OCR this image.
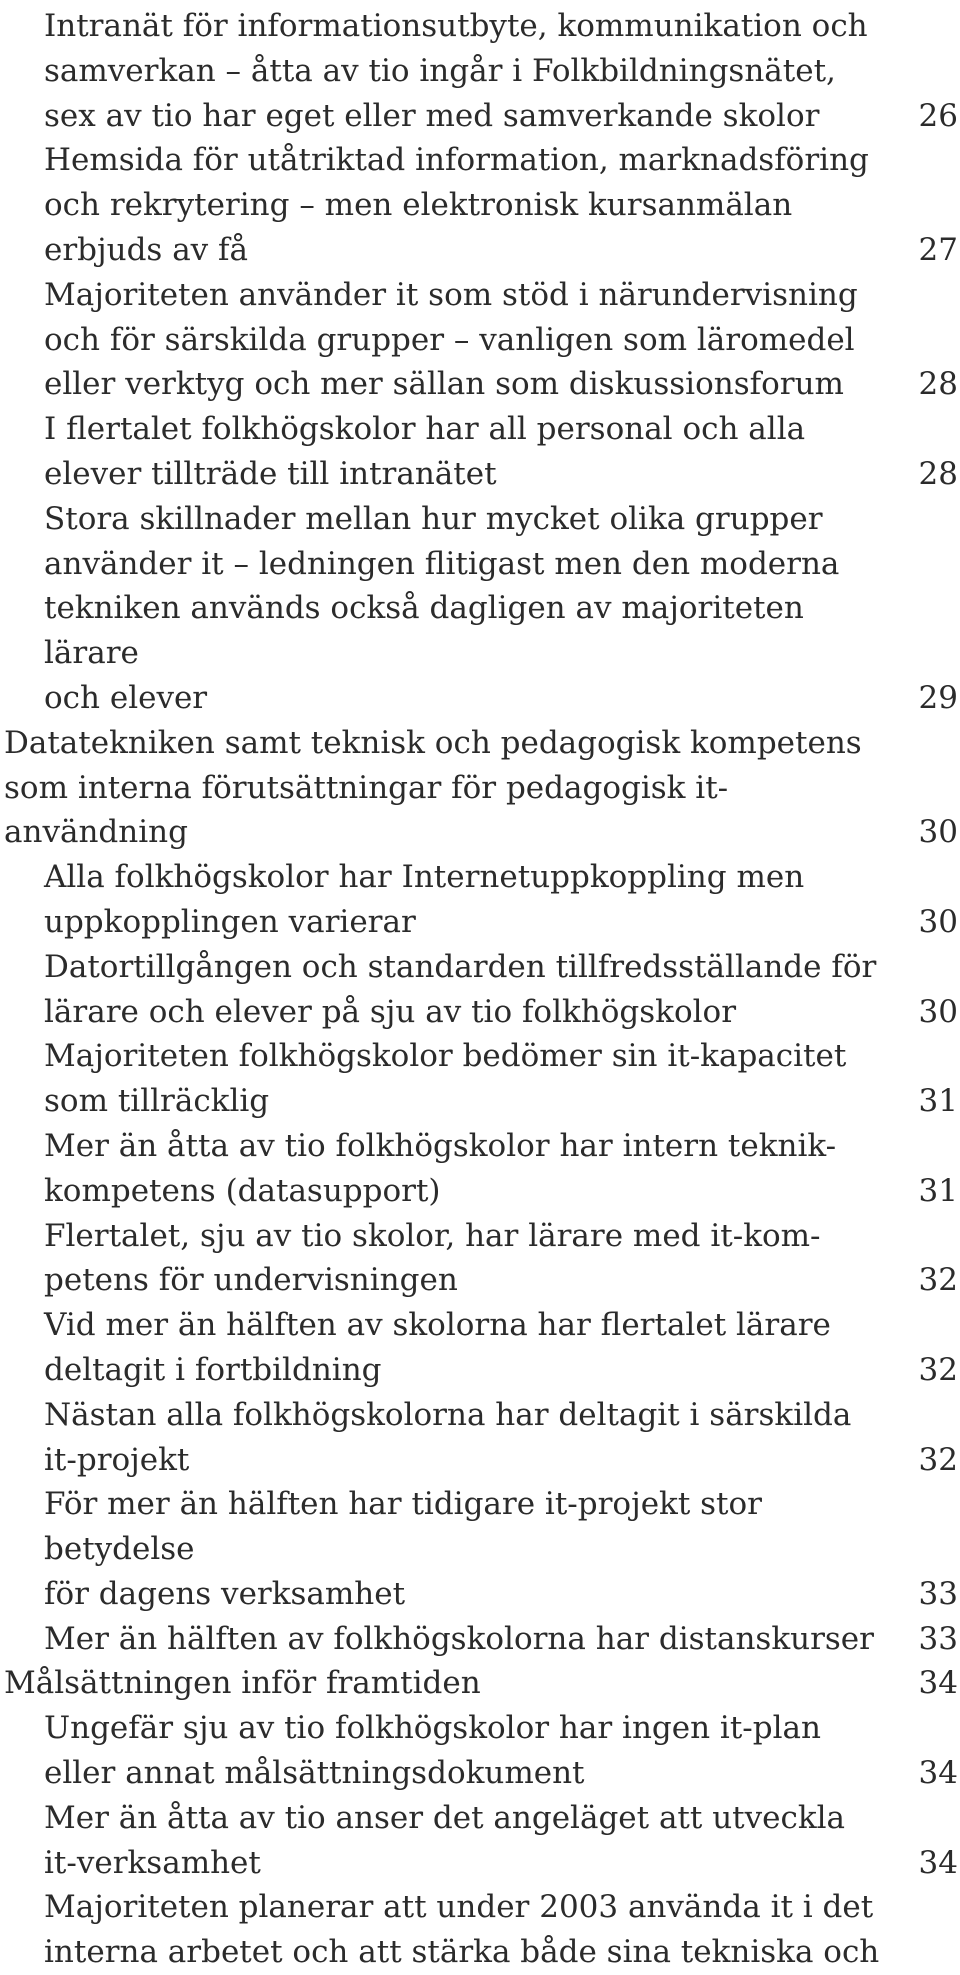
Intranät för informationsutbyte, kommunikation och
samverkan – åtta av tio ingår i Folkbildningsnätet,
sex av tio har eget eller med samverkande skolor	26
Hemsida för utåtriktad information, marknadsföring
och rekrytering – men elektronisk kursanmälan
erbjuds av få	27
Majoriteten använder it som stöd i närundervisning
och för särskilda grupper – vanligen som läromedel
eller verktyg och mer sällan som diskussionsforum	28
I flertalet folkhögskolor har all personal och alla
elever tillträde till intranätet	28
Stora skillnader mellan hur mycket olika grupper
använder it – ledningen flitigast men den moderna
tekniken används också dagligen av majoriteten lärare
och elever	29
Datatekniken samt teknisk och pedagogisk kompetens
som interna förutsättningar för pedagogisk it-användning	30
Alla folkhögskolor har Internetuppkoppling men
uppkopplingen varierar	30
Datortillgången och standarden tillfredsställande för
lärare och elever på sju av tio folkhögskolor	30
Majoriteten folkhögskolor bedömer sin it-kapacitet
som tillräcklig	31
Mer än åtta av tio folkhögskolor har intern teknik-
kompetens (datasupport)	31
Flertalet, sju av tio skolor, har lärare med it-kom-
petens för undervisningen	32
Vid mer än hälften av skolorna har flertalet lärare
deltagit i fortbildning	32
Nästan alla folkhögskolorna har deltagit i särskilda
it-projekt	32
För mer än hälften har tidigare it-projekt stor betydelse
för dagens verksamhet	33
Mer än hälften av folkhögskolorna har distanskurser	33
Målsättningen inför framtiden	34
Ungefär sju av tio folkhögskolor har ingen it-plan
eller annat målsättningsdokument	34
Mer än åtta av tio anser det angeläget att utveckla
it-verksamhet	34
Majoriteten planerar att under 2003 använda it i det
interna arbetet och att stärka både sina tekniska och
